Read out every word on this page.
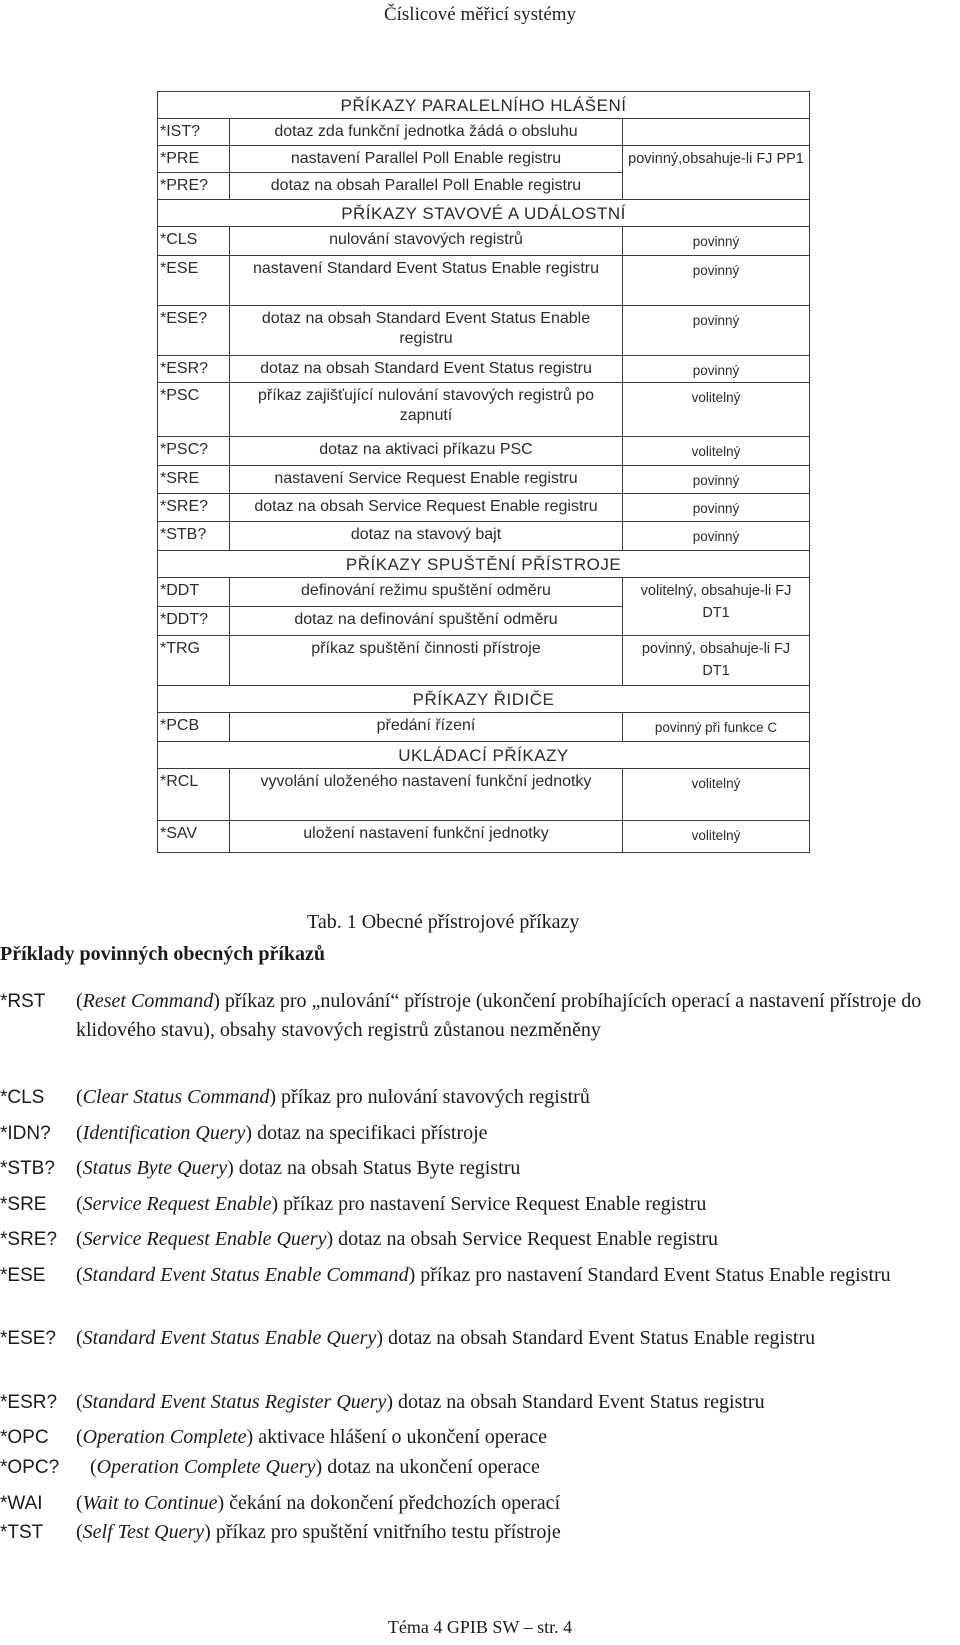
Číslicové měřicí systémy
PŘÍKAZY PARALELNÍHO HLÁŠENÍ		
*IST?	dotaz zda funkční jednotka žádá o obsluhu	
*PRE	nastavení Parallel Poll Enable registru	povinný,obsahuje-li FJ PP1
*PRE?	dotaz na obsah Parallel Poll Enable registru	
PŘÍKAZY STAVOVÉ A UDÁLOSTNÍ		
*CLS	nulování stavových registrů	povinný
*ESE	nastavení Standard Event Status Enable registru	povinný
*ESE?	dotaz na obsah Standard Event Status Enable registru	povinný
*ESR?	dotaz na obsah Standard Event Status registru	povinný
*PSC	příkaz zajišťující nulování stavových registrů po zapnutí	volitelný
*PSC?	dotaz na aktivaci příkazu PSC	volitelný
*SRE	nastavení Service Request Enable registru	povinný
*SRE?	dotaz na obsah Service Request Enable registru	povinný
*STB?	dotaz na stavový bajt	povinný
PŘÍKAZY SPUŠTĚNÍ PŘÍSTROJE		
*DDT	definování režimu spuštění odměru	volitelný, obsahuje-li FJ DT1
*DDT?	dotaz na definování spuštění odměru	
*TRG	příkaz spuštění činnosti přístroje	povinný, obsahuje-li FJ DT1
PŘÍKAZY ŘIDIČE		
*PCB	předání řízení	povinný při funkce C
UKLÁDACÍ PŘÍKAZY		
*RCL	vyvolání uloženého nastavení funkční jednotky	volitelný
*SAV	uložení nastavení funkční jednotky	volitelný
Tab. 1 Obecné přístrojové příkazy
Příklady povinných obecných příkazů
*RST (Reset Command) příkaz pro „nulování“ přístroje (ukončení probíhajících operací a nastavení přístroje do klidového stavu), obsahy stavových registrů zůstanou nezměněny
*CLS (Clear Status Command) příkaz pro nulování stavových registrů
*IDN? (Identification Query) dotaz na specifikaci přístroje
*STB? (Status Byte Query) dotaz na obsah Status Byte registru
*SRE (Service Request Enable) příkaz pro nastavení Service Request Enable registru
*SRE? (Service Request Enable Query) dotaz na obsah Service Request Enable registru
*ESE (Standard Event Status Enable Command) příkaz pro nastavení Standard Event Status Enable registru
*ESE? (Standard Event Status Enable Query) dotaz na obsah Standard Event Status Enable registru
*ESR? (Standard Event Status Register Query) dotaz na obsah Standard Event Status registru
*OPC (Operation Complete) aktivace hlášení o ukončení operace
*OPC? (Operation Complete Query) dotaz na ukončení operace
*WAI (Wait to Continue) čekání na dokončení předchozích operací
*TST (Self Test Query) příkaz pro spuštění vnitřního testu přístroje
Téma 4 GPIB SW – str. 4
